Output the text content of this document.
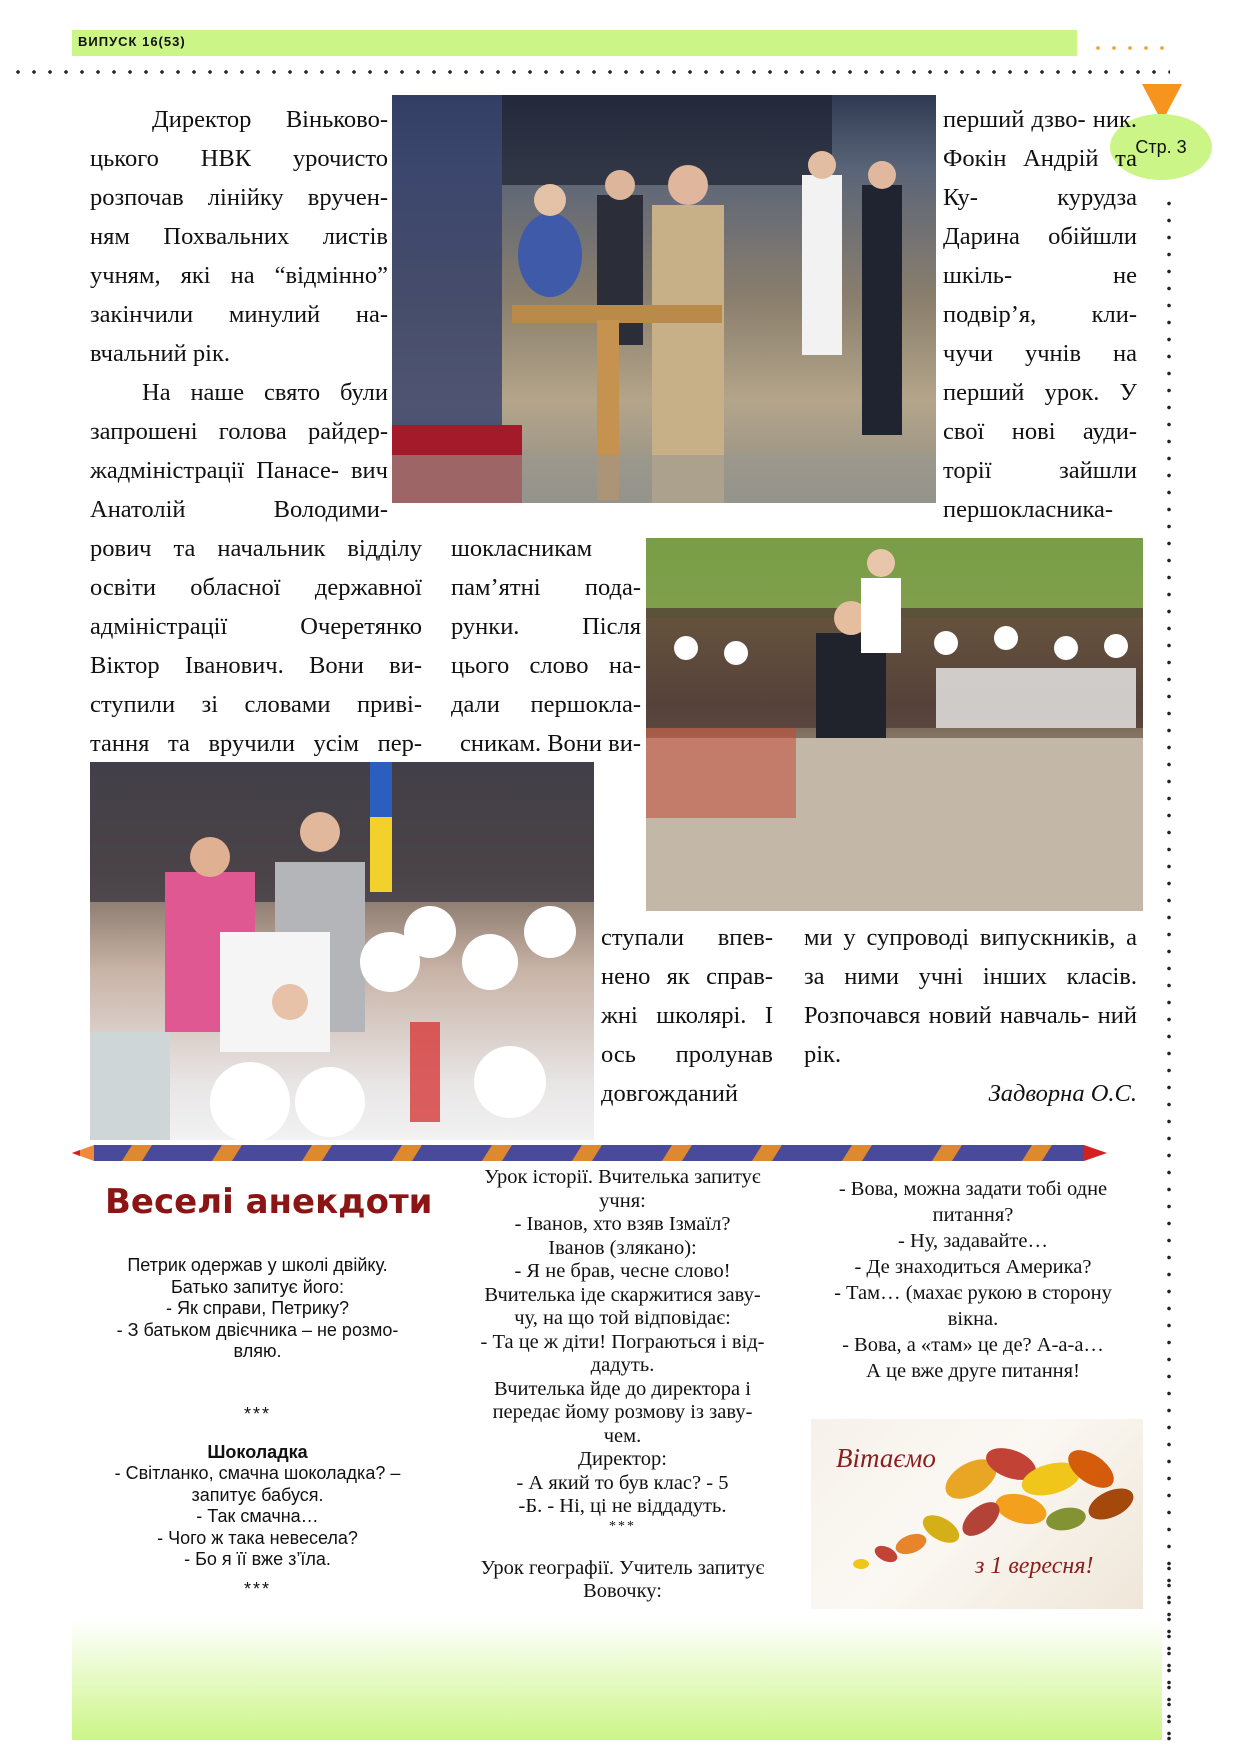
ВИПУСК 16(53)
Стр. 3

Директор Віньково- цького НВК урочисто розпочав лінійку вручен- ням Похвальних листів учням, які на “відмінно” закінчили минулий на- вчальний рік.

На наше свято були запрошені голова райдер- жадміністрації Панасе- вич Анатолій Володими-

рович та начальник відділу освіти обласної державної адміністрації Очеретянко Віктор Іванович. Вони ви- ступили зі словами приві- тання та вручили усім пер-

шокласникам пам’ятні пода- рунки. Після цього слово на- дали першокла- сникам. Вони ви-

ступали впев- нено як справ- жні школярі. І ось пролунав довгожданий

перший дзво- ник. Фокін Андрій та Ку-	курудза Дарина обійшли шкіль-	не подвір’я, кли- чучи учнів на перший урок. У свої нові ауди- торії зайшли першокласника-

ми у супроводі випускників, а за ними учні інших класів. Розпочався новий навчаль- ний рік.

Задворна О.С.

Веселі анекдоти

Петрик одержав у школі двійку.

Батько запитує його:

- Як справи, Петрику?

- З батьком двієчника – не розмо-

вляю.

***

Шоколадка

- Світланко, смачна шоколадка? –

запитує бабуся.

- Так смачна…

- Чого ж така невесела?

- Бо я її вже з’їла.

***

Урок історії. Вчителька запитує

учня:

- Іванов, хто взяв Ізмаїл?

Іванов (злякано):

- Я не брав, чесне слово!

Вчителька іде скаржитися заву-

чу, на що той відповідає:

- Та це ж діти! Пограються і від-

дадуть.

Вчителька йде до директора і

передає йому розмову із заву-

чем.

Директор:

- А який то був клас? - 5

-Б. - Ні, ці не віддадуть.

***

Урок географії. Учитель запитує

Вовочку:

- Вова, можна задати тобі одне

питання?

- Ну, задавайте…

- Де знаходиться Америка?

- Там… (махає рукою в сторону

вікна.

- Вова, а «там» це де? А-а-а…

А це вже друге питання!

Вітаємо
з 1 вересня!
